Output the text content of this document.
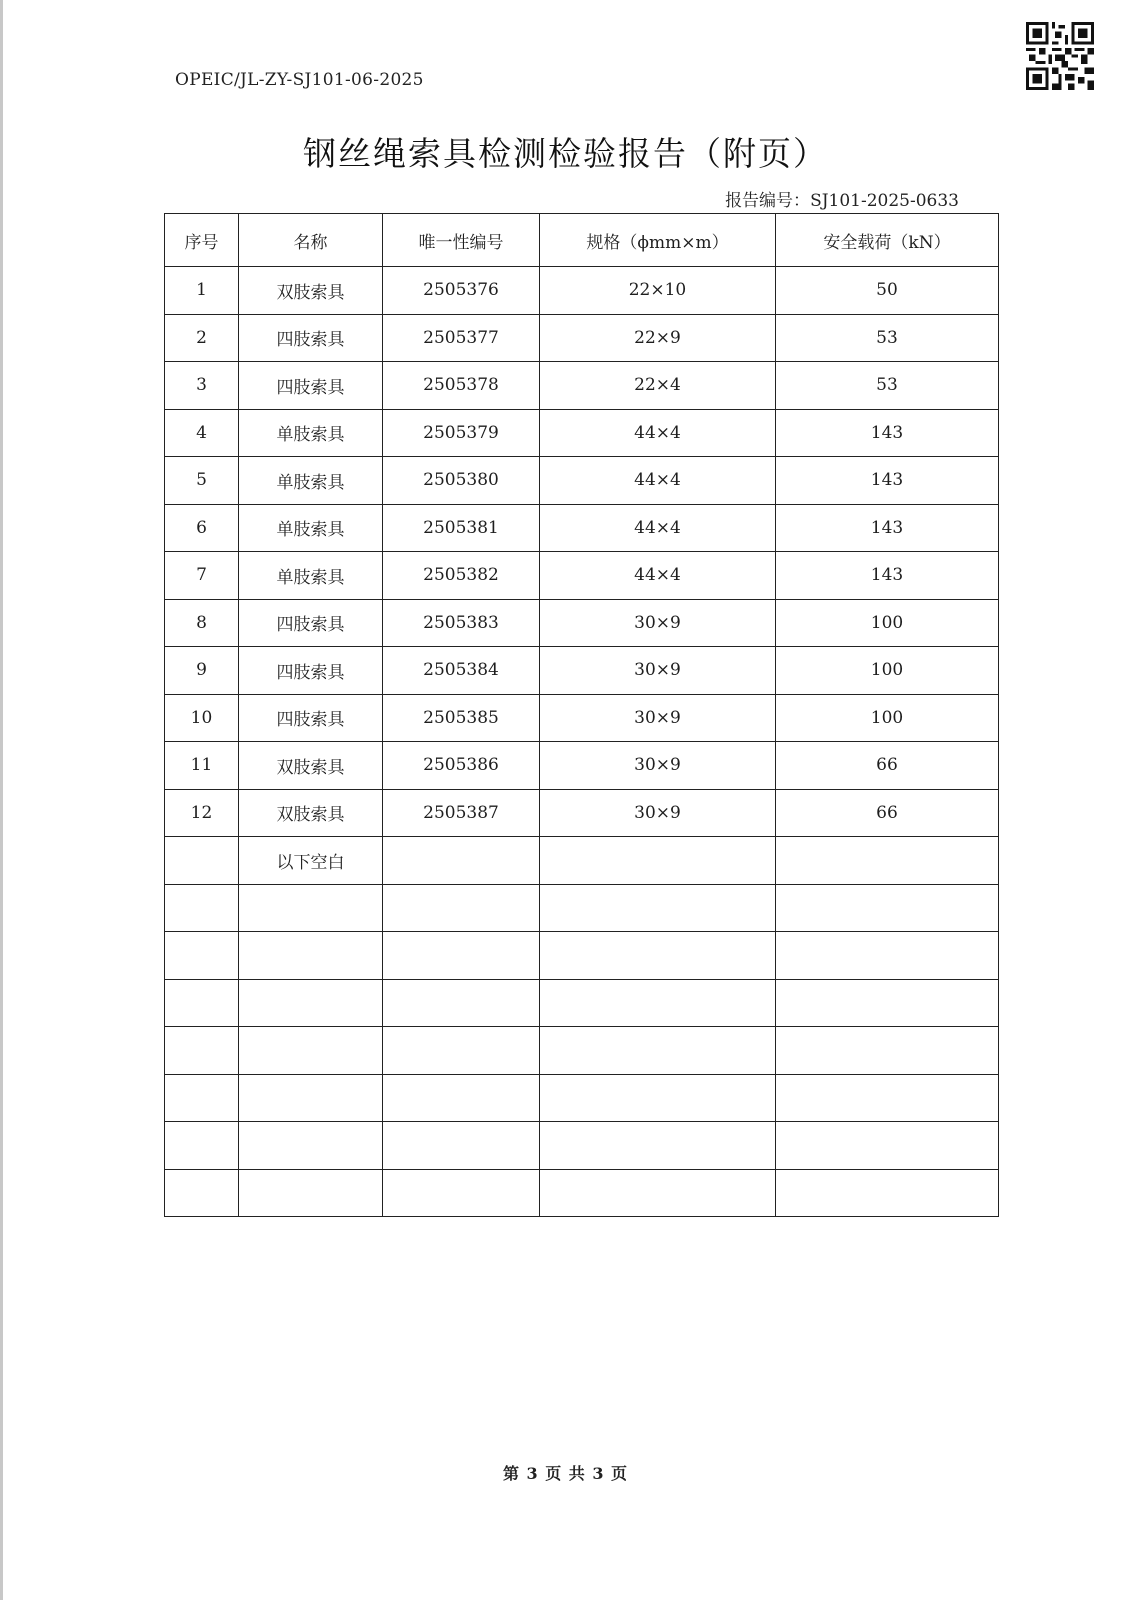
OPEIC/JL-ZY-SJ101-06-2025
钢丝绳索具检测检验报告（附页）
报告编号：SJ101-2025-0633
序号	名称	唯一性编号	规格（ϕmm×m）	安全载荷（kN）
1	双肢索具	2505376	22×10	50
2	四肢索具	2505377	22×9	53
3	四肢索具	2505378	22×4	53
4	单肢索具	2505379	44×4	143
5	单肢索具	2505380	44×4	143
6	单肢索具	2505381	44×4	143
7	单肢索具	2505382	44×4	143
8	四肢索具	2505383	30×9	100
9	四肢索具	2505384	30×9	100
10	四肢索具	2505385	30×9	100
11	双肢索具	2505386	30×9	66
12	双肢索具	2505387	30×9	66
	以下空白			

第 3 页 共 3 页
